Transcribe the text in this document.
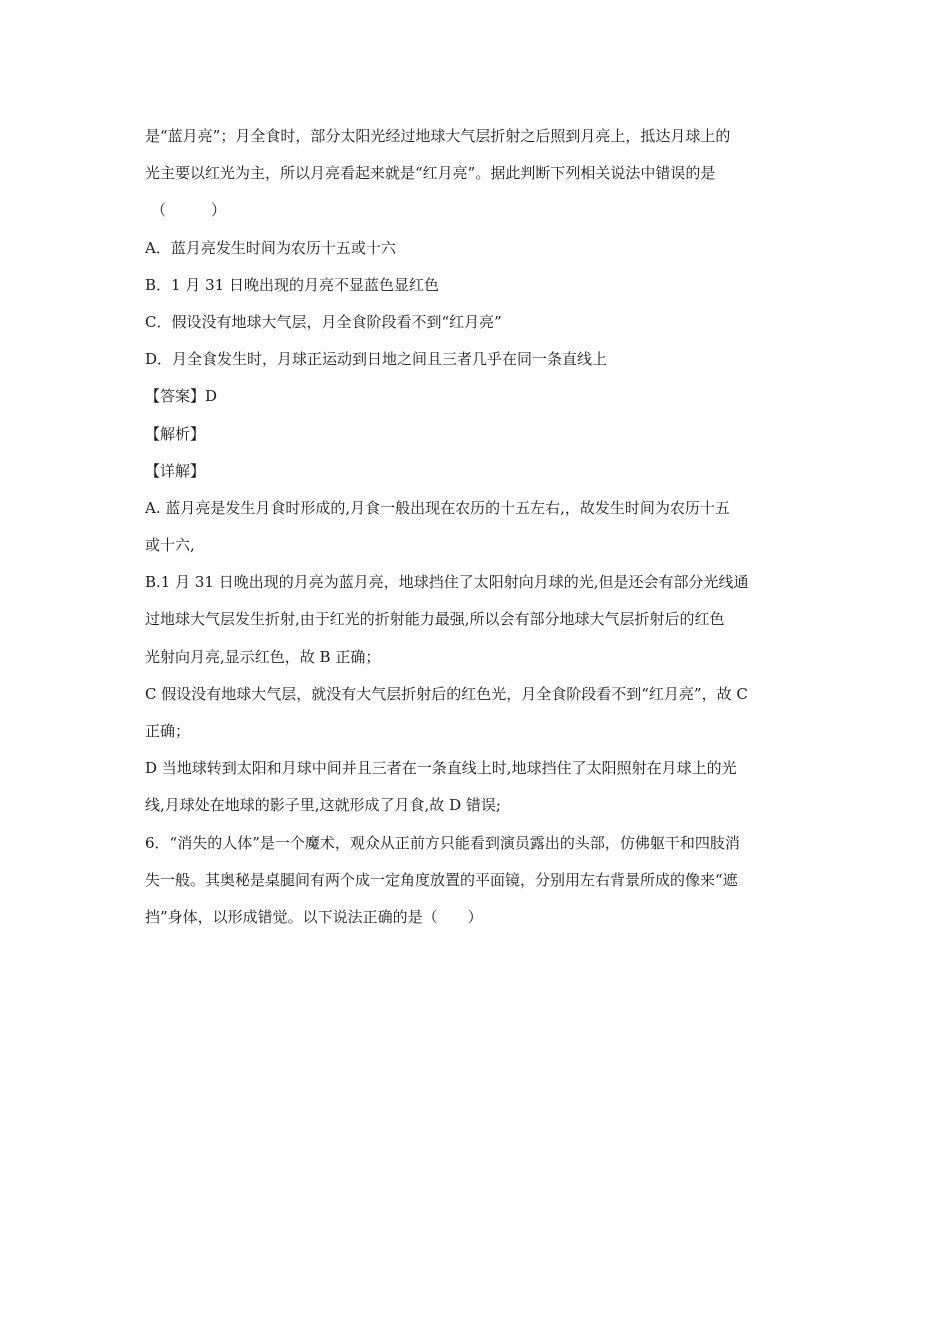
是“蓝月亮”；月全食时，部分太阳光经过地球大气层折射之后照到月亮上，抵达月球上的
光主要以红光为主，所以月亮看起来就是“红月亮”。据此判断下列相关说法中错误的是
（　　　）
A．蓝月亮发生时间为农历十五或十六
B．1 月 31 日晚出现的月亮不显蓝色显红色
C．假设没有地球大气层，月全食阶段看不到“红月亮”
D．月全食发生时，月球正运动到日地之间且三者几乎在同一条直线上
【答案】D
【解析】
【详解】
A. 蓝月亮是发生月食时形成的,月食一般出现在农历的十五左右,，故发生时间为农历十五
或十六,
B.1 月 31 日晚出现的月亮为蓝月亮，地球挡住了太阳射向月球的光,但是还会有部分光线通
过地球大气层发生折射,由于红光的折射能力最强,所以会有部分地球大气层折射后的红色
光射向月亮,显示红色，故 B 正确；
C 假设没有地球大气层，就没有大气层折射后的红色光，月全食阶段看不到“红月亮”，故 C
正确；
D 当地球转到太阳和月球中间并且三者在一条直线上时,地球挡住了太阳照射在月球上的光
线,月球处在地球的影子里,这就形成了月食,故 D 错误;
6．“消失的人体”是一个魔术，观众从正前方只能看到演员露出的头部，仿佛躯干和四肢消
失一般。其奥秘是桌腿间有两个成一定角度放置的平面镜，分别用左右背景所成的像来“遮
挡”身体，以形成错觉。以下说法正确的是（　　）
